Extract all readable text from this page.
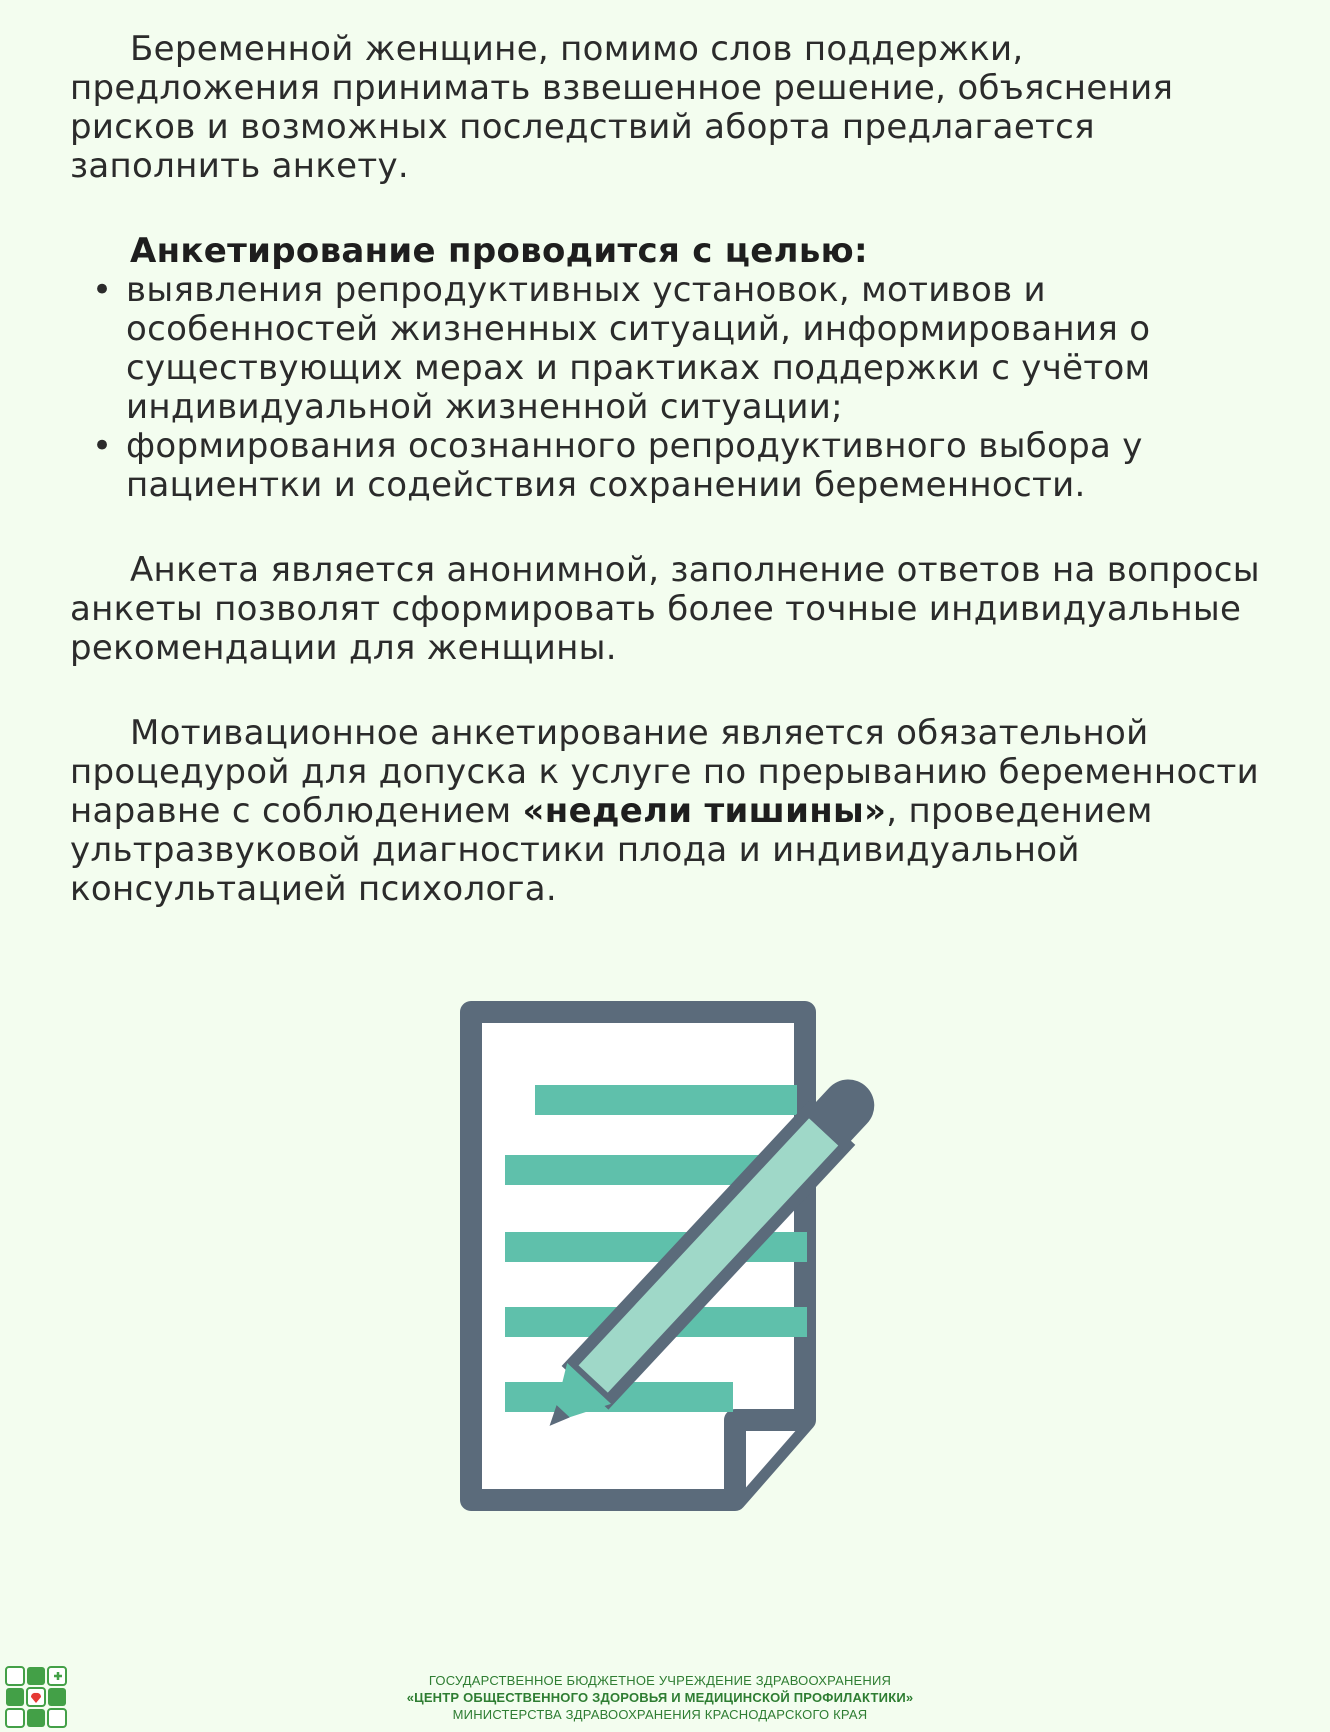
Беременной женщине, помимо слов поддержки, предложения принимать взвешенное решение, объяснения рисков и возможных последствий аборта предлагается заполнить анкету.

Анкетирование проводится с целью:

• выявления репродуктивных установок, мотивов и особенностей жизненных ситуаций, информирования о существующих мерах и практиках поддержки с учётом индивидуальной жизненной ситуации;
• формирования осознанного репродуктивного выбора у пациентки и содействия сохранении беременности.

Анкета является анонимной, заполнение ответов на вопросы анкеты позволят сформировать более точные индивидуальные рекомендации для женщины.

Мотивационное анкетирование является обязательной процедурой для допуска к услуге по прерыванию беременности наравне с соблюдением «недели тишины», проведением ультразвуковой диагностики плода и индивидуальной консультацией психолога.

ГОСУДАРСТВЕННОЕ БЮДЖЕТНОЕ УЧРЕЖДЕНИЕ ЗДРАВООХРАНЕНИЯ
«ЦЕНТР ОБЩЕСТВЕННОГО ЗДОРОВЬЯ И МЕДИЦИНСКОЙ ПРОФИЛАКТИКИ»
МИНИСТЕРСТВА ЗДРАВООХРАНЕНИЯ КРАСНОДАРСКОГО КРАЯ
